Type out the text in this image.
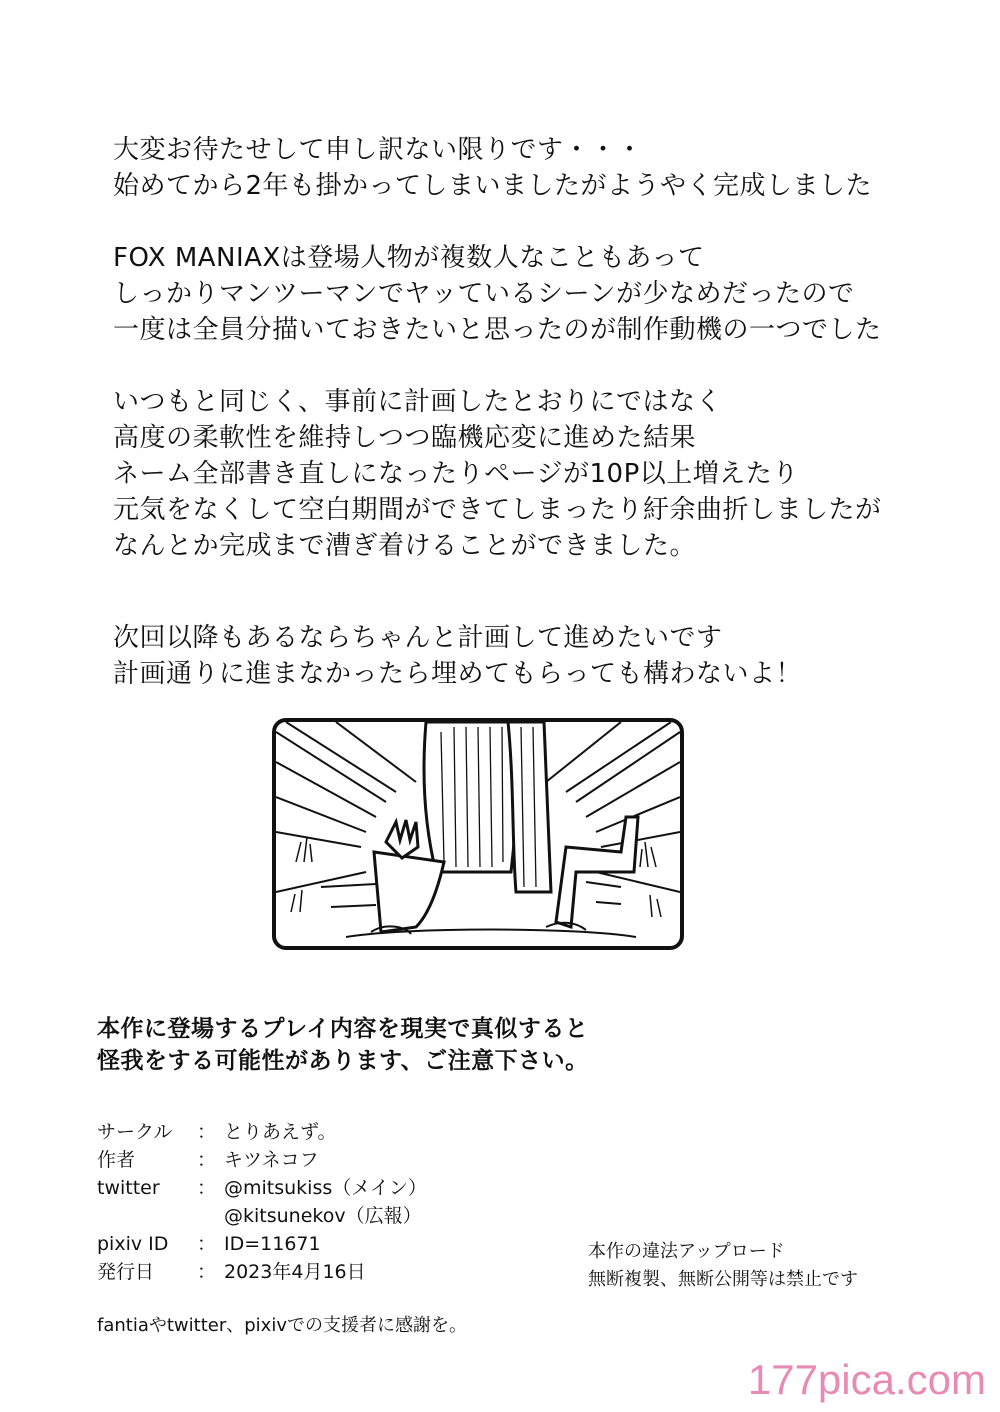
大変お待たせして申し訳ない限りです・・・
始めてから2年も掛かってしまいましたがようやく完成しました
FOX MANIAXは登場人物が複数人なこともあって
しっかりマンツーマンでヤッているシーンが少なめだったので
一度は全員分描いておきたいと思ったのが制作動機の一つでした
いつもと同じく、事前に計画したとおりにではなく
高度の柔軟性を維持しつつ臨機応変に進めた結果
ネーム全部書き直しになったりページが10P以上増えたり
元気をなくして空白期間ができてしまったり紆余曲折しましたが
なんとか完成まで漕ぎ着けることができました。
次回以降もあるならちゃんと計画して進めたいです
計画通りに進まなかったら埋めてもらっても構わないよ！
本作に登場するプレイ内容を現実で真似すると
怪我をする可能性があります、ご注意下さい。
サークル	： とりあえず。
作者	： キツネコフ
twitter	： @mitsukiss（メイン）
@kitsunekov（広報）
pixiv ID	： ID=11671
発行日	： 2023年4月16日
本作の違法アップロード
無断複製、無断公開等は禁止です
fantiaやtwitter、pixivでの支援者に感謝を。
177pica.com
